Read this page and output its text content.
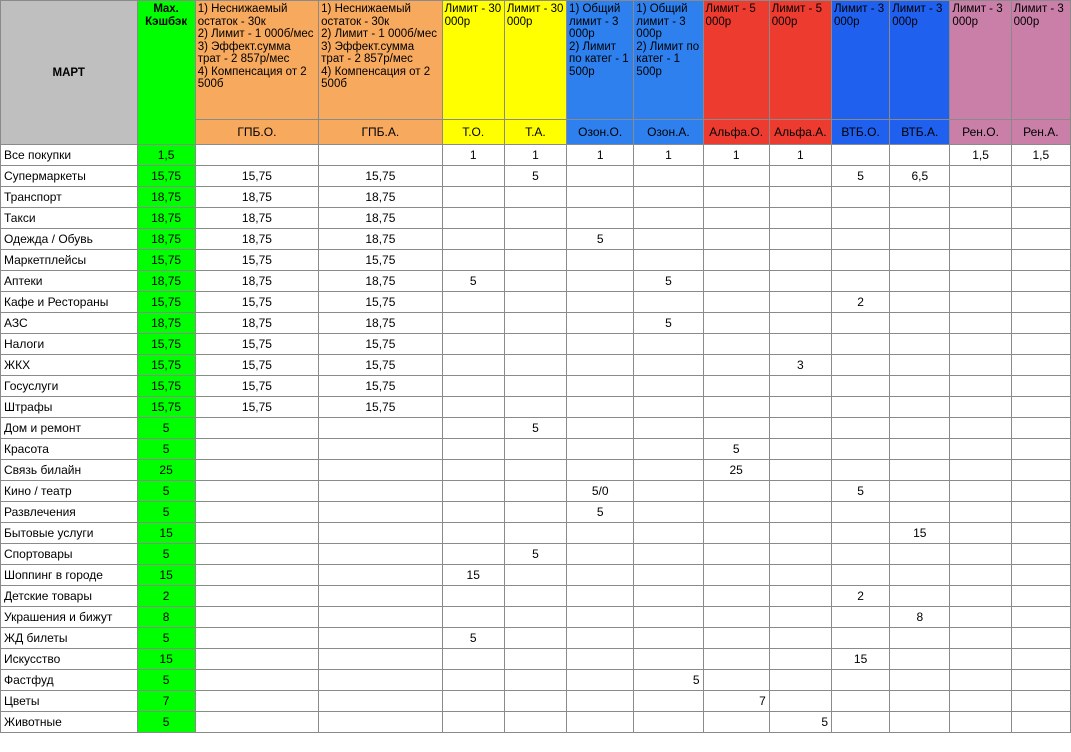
МАРТ	Max. Кэшбэк	1) Неснижаемый остаток - 30к
2) Лимит - 1 000б/мес
3) Эффект.сумма трат - 2 857р/мес
4) Компенсация от 2 500б	1) Неснижаемый остаток - 30к
2) Лимит - 1 000б/мес
3) Эффект.сумма трат - 2 857р/мес
4) Компенсация от 2 500б	Лимит - 30 000р	Лимит - 30 000р	1) Общий лимит - 3 000р
2) Лимит по катег - 1 500р	1) Общий лимит - 3 000р
2) Лимит по катег - 1 500р	Лимит - 5 000р	Лимит - 5 000р	Лимит - 3 000р	Лимит - 3 000р	Лимит - 3 000р	Лимит - 3 000р
		ГПБ.О.	ГПБ.А.	Т.О.	Т.А.	Озон.О.	Озон.А.	Альфа.О.	Альфа.А.	ВТБ.О.	ВТБ.А.	Рен.О.	Рен.А.
Все покупки	1,5			1	1	1	1	1	1			1,5	1,5
Супермаркеты	15,75	15,75	15,75		5					5	6,5		
Транспорт	18,75	18,75	18,75										
Такси	18,75	18,75	18,75										
Одежда / Обувь	18,75	18,75	18,75			5							
Маркетплейсы	15,75	15,75	15,75										
Аптеки	18,75	18,75	18,75	5			5						
Кафе и Рестораны	15,75	15,75	15,75							2			
АЗС	18,75	18,75	18,75				5						
Налоги	15,75	15,75	15,75										
ЖКХ	15,75	15,75	15,75						3				
Госуслуги	15,75	15,75	15,75										
Штрафы	15,75	15,75	15,75										
Дом и ремонт	5				5								
Красота	5							5					
Связь билайн	25							25					
Кино / театр	5					5/0				5			
Развлечения	5					5							
Бытовые услуги	15										15		
Спортовары	5				5								
Шоппинг в городе	15			15									
Детские товары	2									2			
Украшения и бижут	8										8		
ЖД билеты	5			5									
Искусство	15									15			
Фастфуд	5						5						
Цветы	7							7					
Животные	5								5				
